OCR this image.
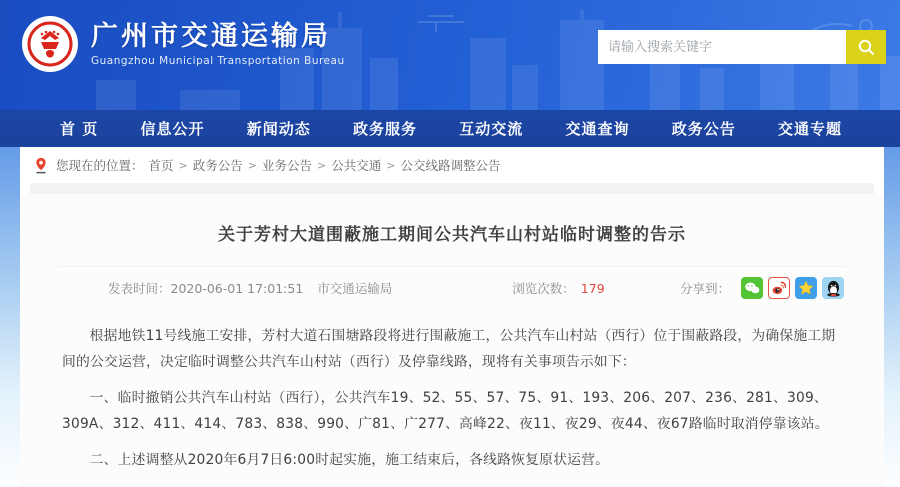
广州市交通运输局
Guangzhou Municipal Transportation Bureau
请输入搜索关键字
首 页	信息公开	新闻动态	政务服务	互动交流	交通查询	政务公告	交通专题
您现在的位置： 首页 > 政务公告 > 业务公告 > 公共交通 > 公交线路调整公告
关于芳村大道围蔽施工期间公共汽车山村站临时调整的告示
发表时间：2020-06-01 17:01:51 市交通运输局	浏览次数： 179	分享到：

根据地铁11号线施工安排，芳村大道石围塘路段将进行围蔽施工，公共汽车山村站（西行）位于围蔽路段，为确保施工期间的公交运营，决定临时调整公共汽车山村站（西行）及停靠线路，现将有关事项告示如下：

一、临时撤销公共汽车山村站（西行），公共汽车19、52、55、57、75、91、193、206、207、236、281、309、309A、312、411、414、783、838、990、广81、广277、高峰22、夜11、夜29、夜44、夜67路临时取消停靠该站。

二、上述调整从2020年6月7日6:00时起实施，施工结束后，各线路恢复原状运营。
